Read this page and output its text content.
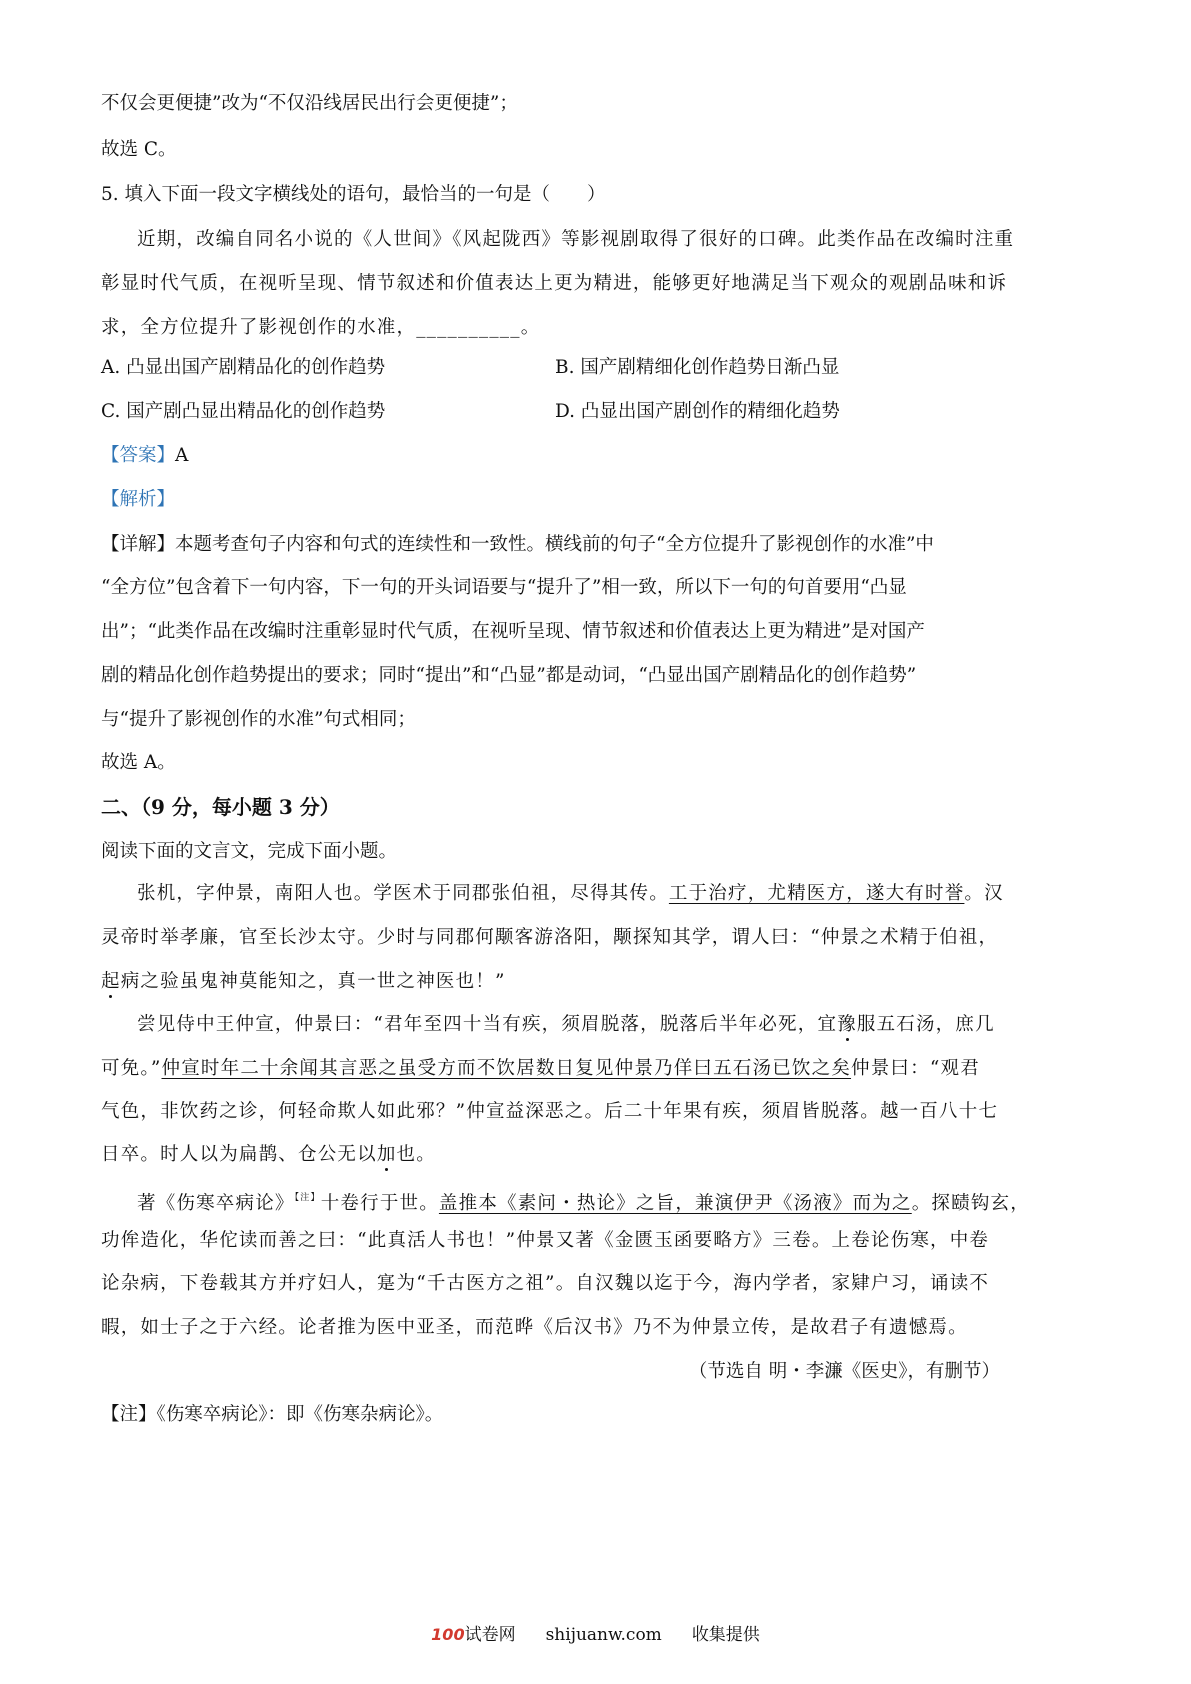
不仅会更便捷”改为“不仅沿线居民出行会更便捷”；
故选 C。
5. 填入下面一段文字横线处的语句，最恰当的一句是（　　）
近期，改编自同名小说的《人世间》《风起陇西》等影视剧取得了很好的口碑。此类作品在改编时注重
彰显时代气质，在视听呈现、情节叙述和价值表达上更为精进，能够更好地满足当下观众的观剧品味和诉
求，全方位提升了影视创作的水准，__________。
A. 凸显出国产剧精品化的创作趋势	B. 国产剧精细化创作趋势日渐凸显
C. 国产剧凸显出精品化的创作趋势	D. 凸显出国产剧创作的精细化趋势
【答案】A
【解析】
【详解】本题考查句子内容和句式的连续性和一致性。横线前的句子“全方位提升了影视创作的水准”中
“全方位”包含着下一句内容，下一句的开头词语要与“提升了”相一致，所以下一句的句首要用“凸显
出”；“此类作品在改编时注重彰显时代气质，在视听呈现、情节叙述和价值表达上更为精进”是对国产
剧的精品化创作趋势提出的要求；同时“提出”和“凸显”都是动词，“凸显出国产剧精品化的创作趋势”
与“提升了影视创作的水准”句式相同；
故选 A。
二、（9 分，每小题 3 分）
阅读下面的文言文，完成下面小题。
张机，字仲景，南阳人也。学医术于同郡张伯祖，尽得其传。工于治疗，尤精医方，遂大有时誉。汉
灵帝时举孝廉，官至长沙太守。少时与同郡何颙客游洛阳，颙探知其学，谓人曰：“仲景之术精于伯祖，
起病之验虽鬼神莫能知之，真一世之神医也！”
尝见侍中王仲宣，仲景曰：“君年至四十当有疾，须眉脱落，脱落后半年必死，宜豫服五石汤，庶几
可免。”仲宣时年二十余闻其言恶之虽受方而不饮居数日复见仲景乃佯曰五石汤已饮之矣仲景曰：“观君
气色，非饮药之诊，何轻命欺人如此邪？”仲宣益深恶之。后二十年果有疾，须眉皆脱落。越一百八十七
日卒。时人以为扁鹊、仓公无以加也。
著《伤寒卒病论》$^{【注】}$十卷行于世。盖推本《素问・热论》之旨，兼演伊尹《汤液》而为之。探赜钩玄，
功侔造化，华佗读而善之曰：“此真活人书也！”仲景又著《金匮玉函要略方》三卷。上卷论伤寒，中卷
论杂病，下卷载其方并疗妇人，寔为“千古医方之祖”。自汉魏以迄于今，海内学者，家肄户习，诵读不
暇，如士子之于六经。论者推为医中亚圣，而范晔《后汉书》乃不为仲景立传，是故君子有遗憾焉。
（节选自 明・李濂《医史》，有删节）
【注】《伤寒卒病论》：即《伤寒杂病论》。
100试卷网 shijuanw.com 收集提供
